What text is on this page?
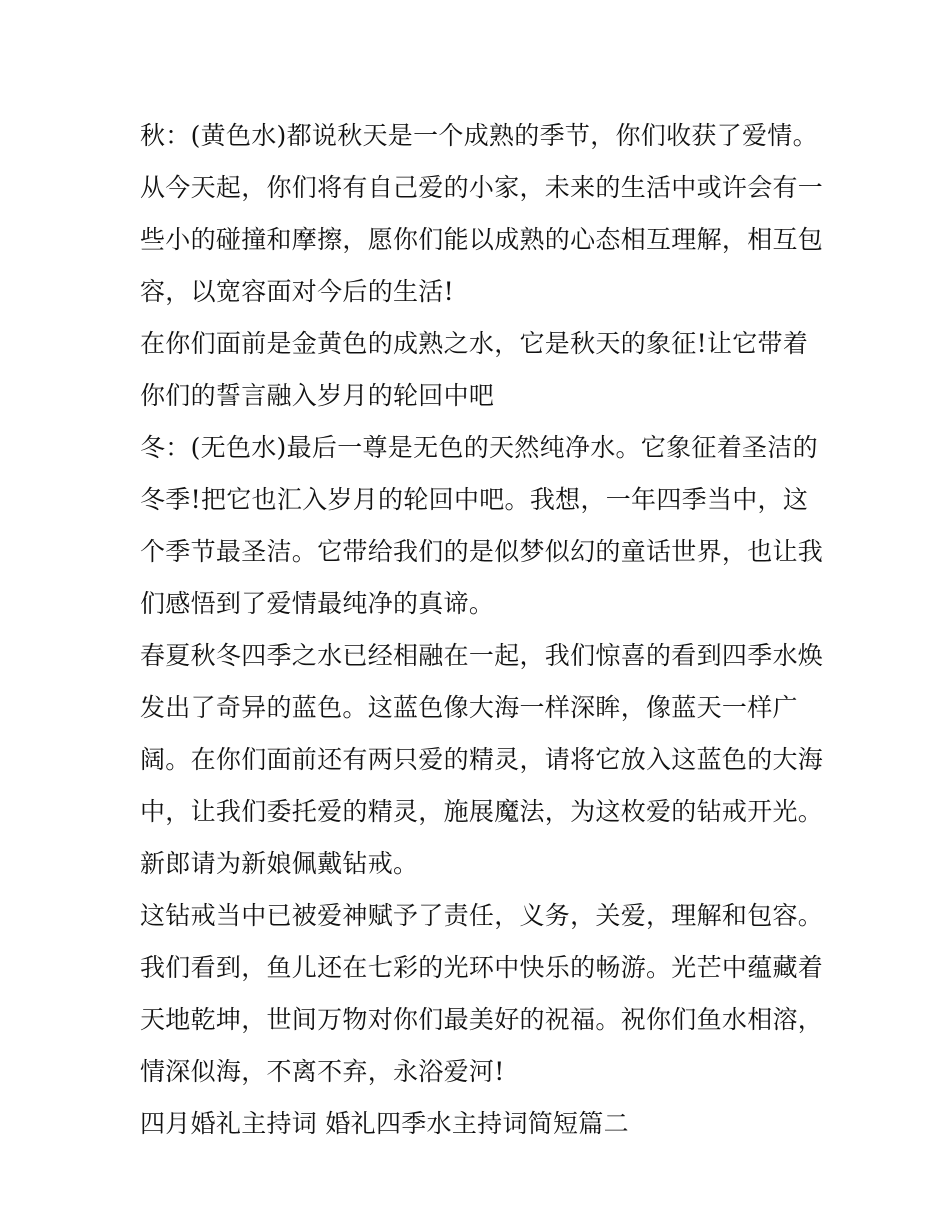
秋：(黄色水)都说秋天是一个成熟的季节，你们收获了爱情。
从今天起，你们将有自己爱的小家，未来的生活中或许会有一
些小的碰撞和摩擦，愿你们能以成熟的心态相互理解，相互包
容，以宽容面对今后的生活!
在你们面前是金黄色的成熟之水，它是秋天的象征!让它带着
你们的誓言融入岁月的轮回中吧
冬：(无色水)最后一尊是无色的天然纯净水。它象征着圣洁的
冬季!把它也汇入岁月的轮回中吧。我想，一年四季当中，这
个季节最圣洁。它带给我们的是似梦似幻的童话世界，也让我
们感悟到了爱情最纯净的真谛。
春夏秋冬四季之水已经相融在一起，我们惊喜的看到四季水焕
发出了奇异的蓝色。这蓝色像大海一样深眸，像蓝天一样广
阔。在你们面前还有两只爱的精灵，请将它放入这蓝色的大海
中，让我们委托爱的精灵，施展魔法，为这枚爱的钻戒开光。
新郎请为新娘佩戴钻戒。
这钻戒当中已被爱神赋予了责任，义务，关爱，理解和包容。
我们看到，鱼儿还在七彩的光环中快乐的畅游。光芒中蕴藏着
天地乾坤，世间万物对你们最美好的祝福。祝你们鱼水相溶，
情深似海，不离不弃，永浴爱河!
四月婚礼主持词 婚礼四季水主持词简短篇二
